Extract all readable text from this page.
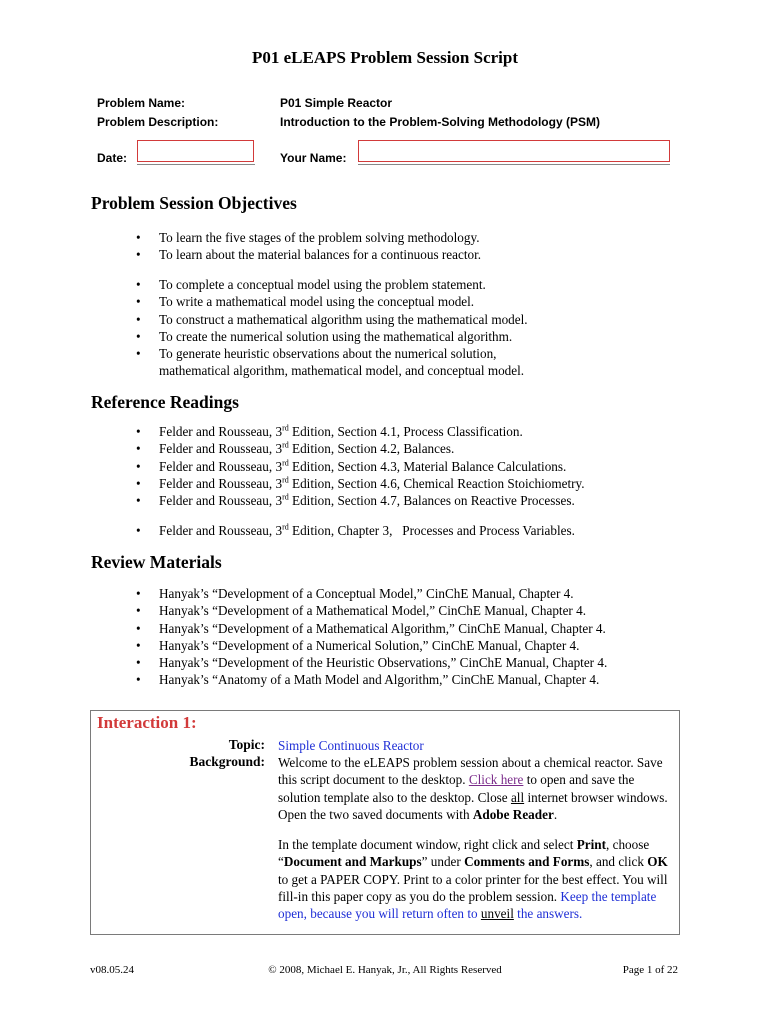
P01 eLEAPS Problem Session Script
Problem Name:	P01 Simple Reactor
Problem Description:	Introduction to the Problem-Solving Methodology (PSM)
Date:	Your Name:
Problem Session Objectives
• To learn the five stages of the problem solving methodology.
• To learn about the material balances for a continuous reactor.
• To complete a conceptual model using the problem statement.
• To write a mathematical model using the conceptual model.
• To construct a mathematical algorithm using the mathematical model.
• To create the numerical solution using the mathematical algorithm.
• To generate heuristic observations about the numerical solution,
mathematical algorithm, mathematical model, and conceptual model.
Reference Readings
• Felder and Rousseau, 3rd Edition, Section 4.1, Process Classification.
• Felder and Rousseau, 3rd Edition, Section 4.2, Balances.
• Felder and Rousseau, 3rd Edition, Section 4.3, Material Balance Calculations.
• Felder and Rousseau, 3rd Edition, Section 4.6, Chemical Reaction Stoichiometry.
• Felder and Rousseau, 3rd Edition, Section 4.7, Balances on Reactive Processes.
• Felder and Rousseau, 3rd Edition, Chapter 3,   Processes and Process Variables.
Review Materials
• Hanyak’s “Development of a Conceptual Model,” CinChE Manual, Chapter 4.
• Hanyak’s “Development of a Mathematical Model,” CinChE Manual, Chapter 4.
• Hanyak’s “Development of a Mathematical Algorithm,” CinChE Manual, Chapter 4.
• Hanyak’s “Development of a Numerical Solution,” CinChE Manual, Chapter 4.
• Hanyak’s “Development of the Heuristic Observations,” CinChE Manual, Chapter 4.
• Hanyak’s “Anatomy of a Math Model and Algorithm,” CinChE Manual, Chapter 4.
Interaction 1:
Topic: Simple Continuous Reactor
Background: Welcome to the eLEAPS problem session about a chemical reactor. Save this script document to the desktop. Click here to open and save the solution template also to the desktop. Close all internet browser windows. Open the two saved documents with Adobe Reader.
In the template document window, right click and select Print, choose “Document and Markups” under Comments and Forms, and click OK to get a PAPER COPY. Print to a color printer for the best effect. You will fill-in this paper copy as you do the problem session. Keep the template open, because you will return often to unveil the answers.
v08.05.24	© 2008, Michael E. Hanyak, Jr., All Rights Reserved	Page 1 of 22
